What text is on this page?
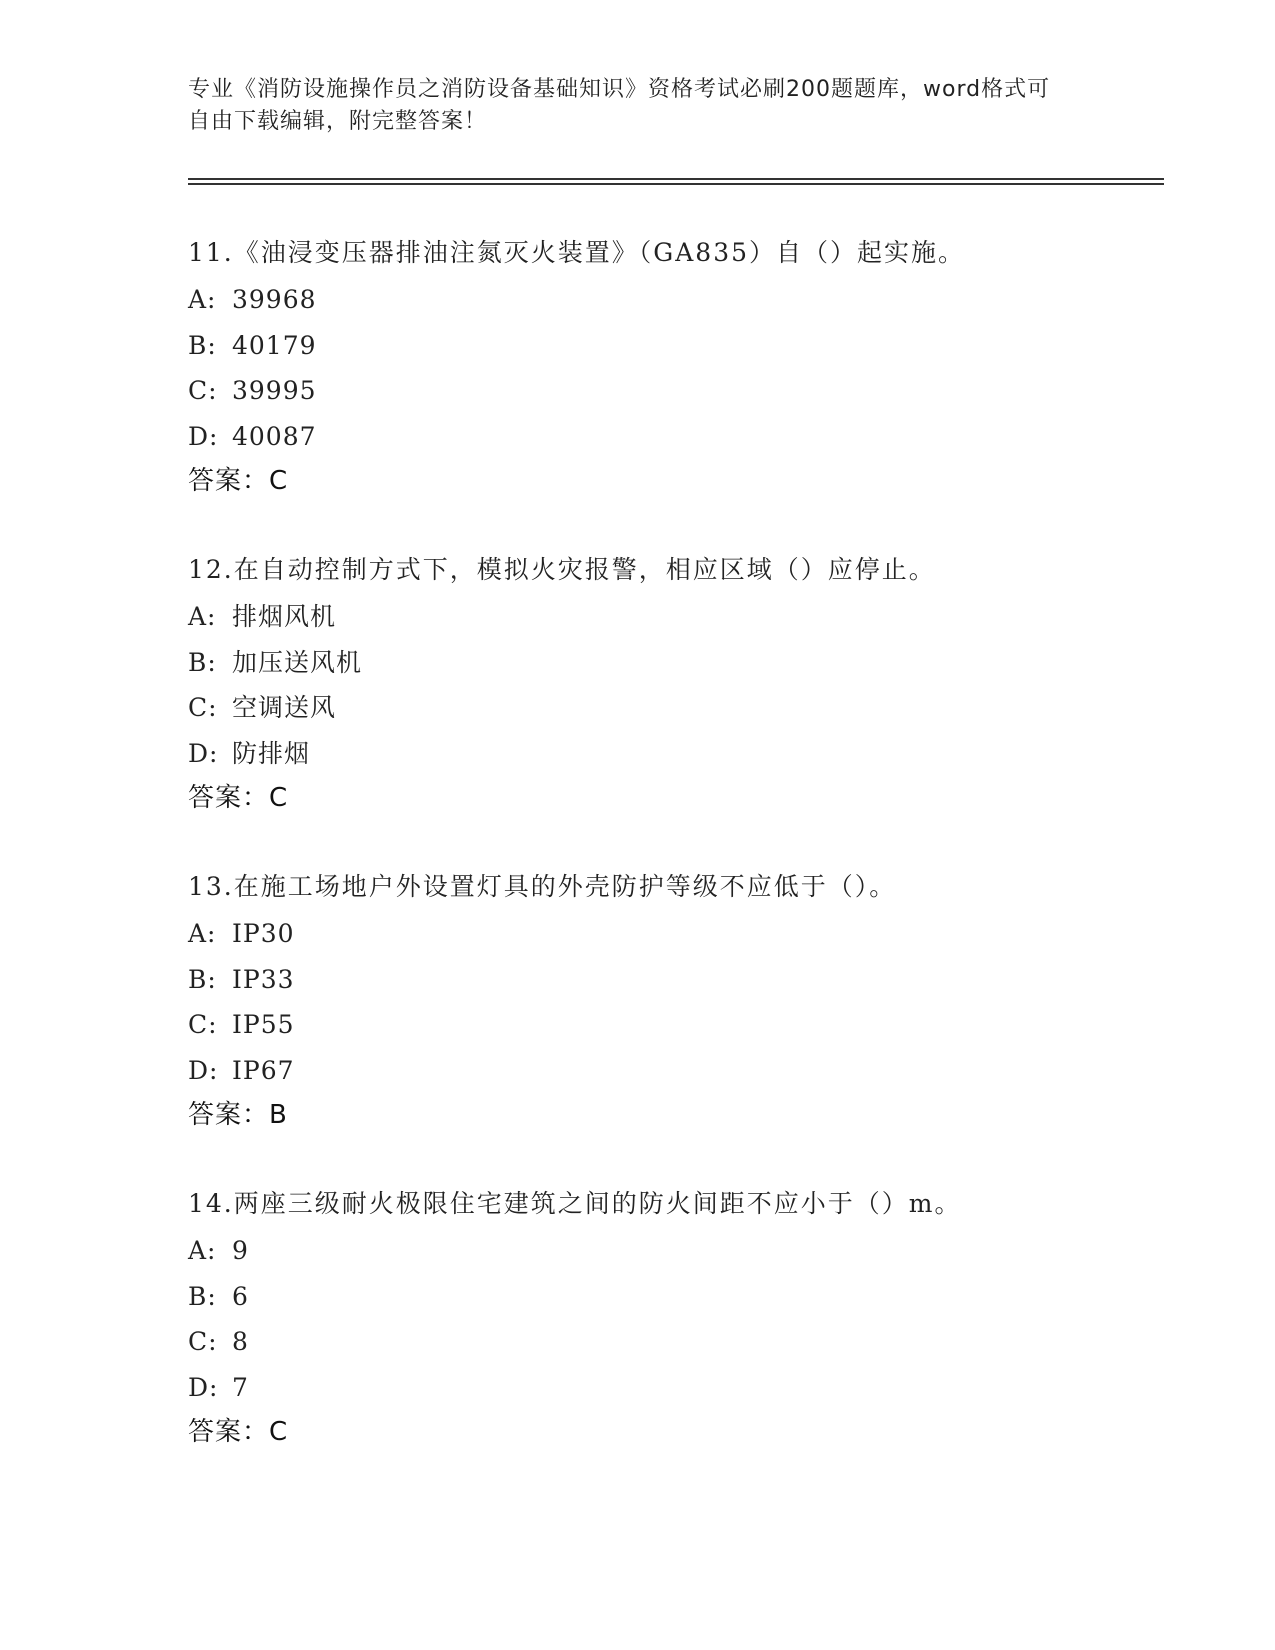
专业《消防设施操作员之消防设备基础知识》资格考试必刷200题题库，word格式可自由下载编辑，附完整答案！
11.《油浸变压器排油注氮灭火装置》（GA835）自（）起实施。
A: 39968
B: 40179
C: 39995
D: 40087
答案：C
12.在自动控制方式下，模拟火灾报警，相应区域（）应停止。
A: 排烟风机
B: 加压送风机
C: 空调送风
D: 防排烟
答案：C
13.在施工场地户外设置灯具的外壳防护等级不应低于（）。
A: IP30
B: IP33
C: IP55
D: IP67
答案：B
14.两座三级耐火极限住宅建筑之间的防火间距不应小于（）m。
A: 9
B: 6
C: 8
D: 7
答案：C
